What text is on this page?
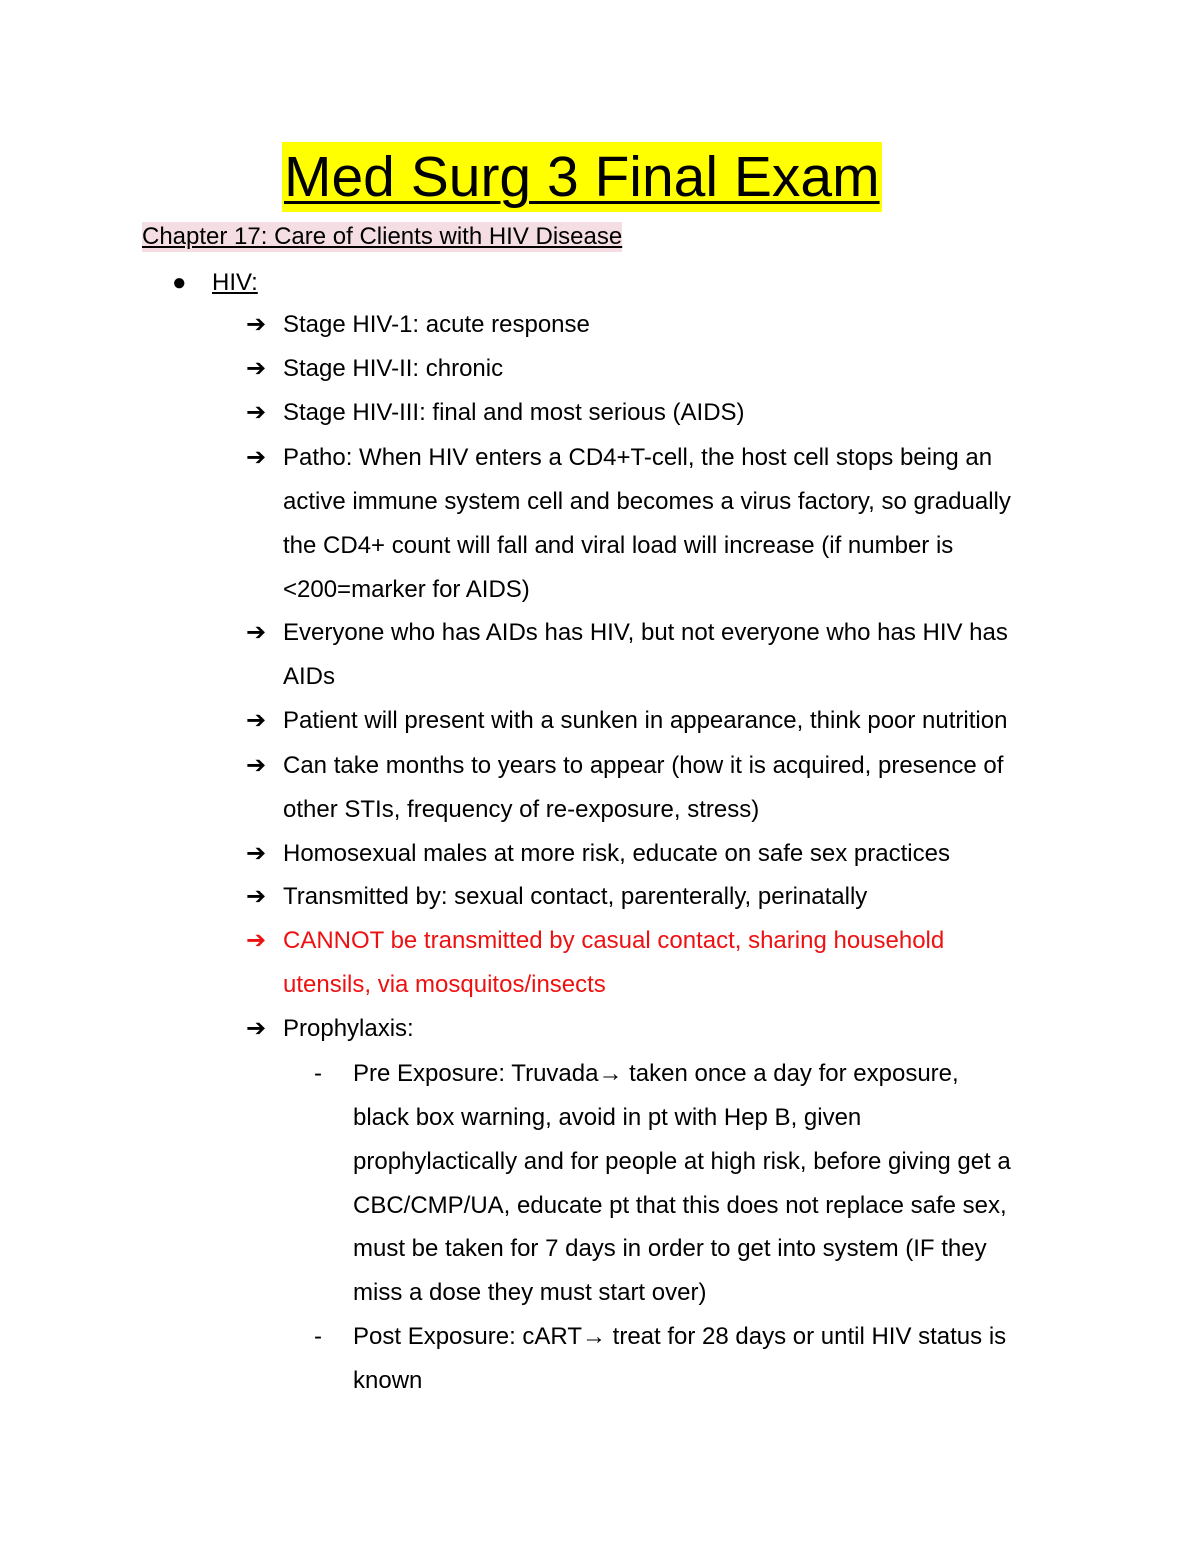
Med Surg 3 Final Exam
Chapter 17: Care of Clients with HIV Disease
● HIV:
➔ Stage HIV-1: acute response
➔ Stage HIV-II: chronic
➔ Stage HIV-III: final and most serious (AIDS)
➔ Patho: When HIV enters a CD4+T-cell, the host cell stops being an
active immune system cell and becomes a virus factory, so gradually
the CD4+ count will fall and viral load will increase (if number is
<200=marker for AIDS)
➔ Everyone who has AIDs has HIV, but not everyone who has HIV has
AIDs
➔ Patient will present with a sunken in appearance, think poor nutrition
➔ Can take months to years to appear (how it is acquired, presence of
other STIs, frequency of re-exposure, stress)
➔ Homosexual males at more risk, educate on safe sex practices
➔ Transmitted by: sexual contact, parenterally, perinatally
➔ CANNOT be transmitted by casual contact, sharing household
utensils, via mosquitos/insects
➔ Prophylaxis:
- Pre Exposure: Truvada→ taken once a day for exposure,
black box warning, avoid in pt with Hep B, given
prophylactically and for people at high risk, before giving get a
CBC/CMP/UA, educate pt that this does not replace safe sex,
must be taken for 7 days in order to get into system (IF they
miss a dose they must start over)
- Post Exposure: cART→ treat for 28 days or until HIV status is
known
